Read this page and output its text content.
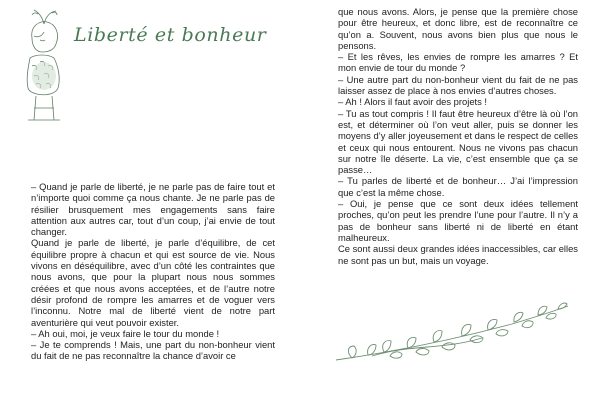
Liberté et bonheur

– Quand je parle de liberté, je ne parle pas de faire tout et n’importe quoi comme ça nous chante. Je ne parle pas de résilier brusquement mes engagements sans faire attention aux autres car, tout d’un coup, j’ai envie de tout changer.

Quand je parle de liberté, je parle d’équilibre, de cet équilibre propre à chacun et qui est source de vie. Nous vivons en déséquilibre, avec d’un côté les contraintes que nous avons, que pour la plupart nous nous sommes créées et que nous avons acceptées, et de l’autre notre désir profond de rompre les amarres et de voguer vers l’inconnu. Notre mal de liberté vient de notre part aventurière qui veut pouvoir exister.

– Ah oui, moi, je veux faire le tour du monde !

– Je te comprends ! Mais, une part du non-bonheur vient du fait de ne pas reconnaître la chance d’avoir ce

que nous avons. Alors, je pense que la première chose pour être heureux, et donc libre, est de reconnaître ce qu’on a. Souvent, nous avons bien plus que nous le pensons.

– Et les rêves, les envies de rompre les amarres ? Et mon envie de tour du monde ?

– Une autre part du non-bonheur vient du fait de ne pas laisser assez de place à nos envies d’autres choses.

– Ah ! Alors il faut avoir des projets !

– Tu as tout compris ! Il faut être heureux d’être là où l’on est, et déterminer où l’on veut aller, puis se donner les moyens d’y aller joyeusement et dans le respect de celles et ceux qui nous entourent. Nous ne vivons pas chacun sur notre île déserte. La vie, c’est ensemble que ça se passe…

– Tu parles de liberté et de bonheur… J’ai l’impression que c’est la même chose.

– Oui, je pense que ce sont deux idées tellement proches, qu’on peut les prendre l’une pour l’autre. Il n’y a pas de bonheur sans liberté ni de liberté en étant malheureux.

Ce sont aussi deux grandes idées inaccessibles, car elles ne sont pas un but, mais un voyage.
